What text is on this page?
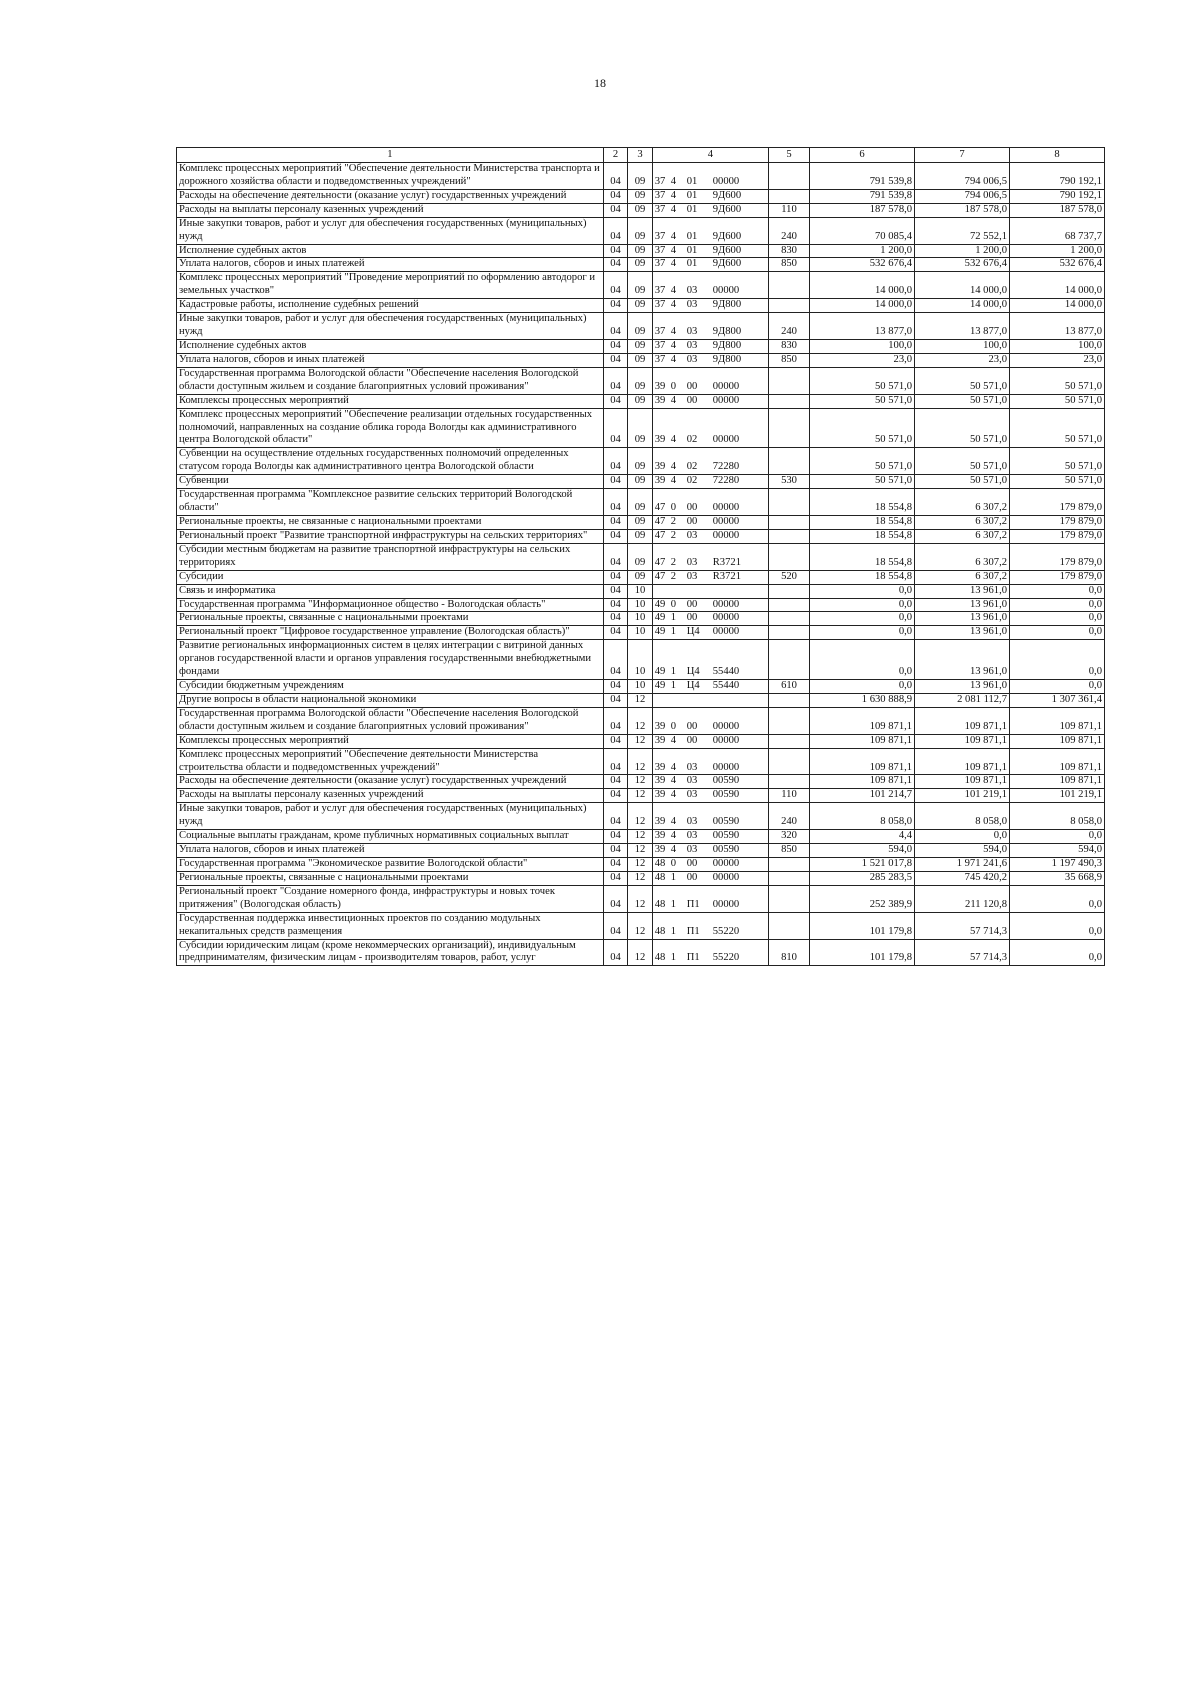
18
1	2	3	4	5	6	7	8
Комплекс процессных мероприятий "Обеспечение деятельности Министерства транспорта и дорожного хозяйства области и подведомственных учреждений"	04	09	37 4 01 00000		791 539,8	794 006,5	790 192,1
Расходы на обеспечение деятельности (оказание услуг) государственных учреждений	04	09	37 4 01 9Д600		791 539,8	794 006,5	790 192,1
Расходы на выплаты персоналу казенных учреждений	04	09	37 4 01 9Д600	110	187 578,0	187 578,0	187 578,0
Иные закупки товаров, работ и услуг для обеспечения государственных (муниципальных) нужд	04	09	37 4 01 9Д600	240	70 085,4	72 552,1	68 737,7
Исполнение судебных актов	04	09	37 4 01 9Д600	830	1 200,0	1 200,0	1 200,0
Уплата налогов, сборов и иных платежей	04	09	37 4 01 9Д600	850	532 676,4	532 676,4	532 676,4
Комплекс процессных мероприятий "Проведение мероприятий по оформлению автодорог и земельных участков"	04	09	37 4 03 00000		14 000,0	14 000,0	14 000,0
Кадастровые работы, исполнение судебных решений	04	09	37 4 03 9Д800		14 000,0	14 000,0	14 000,0
Иные закупки товаров, работ и услуг для обеспечения государственных (муниципальных) нужд	04	09	37 4 03 9Д800	240	13 877,0	13 877,0	13 877,0
Исполнение судебных актов	04	09	37 4 03 9Д800	830	100,0	100,0	100,0
Уплата налогов, сборов и иных платежей	04	09	37 4 03 9Д800	850	23,0	23,0	23,0
Государственная программа Вологодской области "Обеспечение населения Вологодской области доступным жильем и создание благоприятных условий проживания"	04	09	39 0 00 00000		50 571,0	50 571,0	50 571,0
Комплексы процессных мероприятий	04	09	39 4 00 00000		50 571,0	50 571,0	50 571,0
Комплекс процессных мероприятий "Обеспечение реализации отдельных государственных полномочий, направленных на создание облика города Вологды как административного центра Вологодской области"	04	09	39 4 02 00000		50 571,0	50 571,0	50 571,0
Субвенции на осуществление отдельных государственных полномочий определенных статусом города Вологды как административного центра Вологодской области	04	09	39 4 02 72280		50 571,0	50 571,0	50 571,0
Субвенции	04	09	39 4 02 72280	530	50 571,0	50 571,0	50 571,0
Государственная программа "Комплексное развитие сельских территорий Вологодской области"	04	09	47 0 00 00000		18 554,8	6 307,2	179 879,0
Региональные проекты, не связанные с национальными проектами	04	09	47 2 00 00000		18 554,8	6 307,2	179 879,0
Региональный проект "Развитие транспортной инфраструктуры на сельских территориях"	04	09	47 2 03 00000		18 554,8	6 307,2	179 879,0
Субсидии местным бюджетам на развитие транспортной инфраструктуры на сельских территориях	04	09	47 2 03 R3721		18 554,8	6 307,2	179 879,0
Субсидии	04	09	47 2 03 R3721	520	18 554,8	6 307,2	179 879,0
Связь и информатика	04	10			0,0	13 961,0	0,0
Государственная программа "Информационное общество - Вологодская область"	04	10	49 0 00 00000		0,0	13 961,0	0,0
Региональные проекты, связанные с национальными проектами	04	10	49 1 00 00000		0,0	13 961,0	0,0
Региональный проект "Цифровое государственное управление (Вологодская область)"	04	10	49 1 Ц4 00000		0,0	13 961,0	0,0
Развитие региональных информационных систем в целях интеграции с витриной данных органов государственной власти и органов управления государственными внебюджетными фондами	04	10	49 1 Ц4 55440		0,0	13 961,0	0,0
Субсидии бюджетным учреждениям	04	10	49 1 Ц4 55440	610	0,0	13 961,0	0,0
Другие вопросы в области национальной экономики	04	12			1 630 888,9	2 081 112,7	1 307 361,4
Государственная программа Вологодской области "Обеспечение населения Вологодской области доступным жильем и создание благоприятных условий проживания"	04	12	39 0 00 00000		109 871,1	109 871,1	109 871,1
Комплексы процессных мероприятий	04	12	39 4 00 00000		109 871,1	109 871,1	109 871,1
Комплекс процессных мероприятий "Обеспечение деятельности Министерства строительства области и подведомственных учреждений"	04	12	39 4 03 00000		109 871,1	109 871,1	109 871,1
Расходы на обеспечение деятельности (оказание услуг) государственных учреждений	04	12	39 4 03 00590		109 871,1	109 871,1	109 871,1
Расходы на выплаты персоналу казенных учреждений	04	12	39 4 03 00590	110	101 214,7	101 219,1	101 219,1
Иные закупки товаров, работ и услуг для обеспечения государственных (муниципальных) нужд	04	12	39 4 03 00590	240	8 058,0	8 058,0	8 058,0
Социальные выплаты гражданам, кроме публичных нормативных социальных выплат	04	12	39 4 03 00590	320	4,4	0,0	0,0
Уплата налогов, сборов и иных платежей	04	12	39 4 03 00590	850	594,0	594,0	594,0
Государственная программа "Экономическое развитие Вологодской области"	04	12	48 0 00 00000		1 521 017,8	1 971 241,6	1 197 490,3
Региональные проекты, связанные с национальными проектами	04	12	48 1 00 00000		285 283,5	745 420,2	35 668,9
Региональный проект "Создание номерного фонда, инфраструктуры и новых точек притяжения" (Вологодская область)	04	12	48 1 П1 00000		252 389,9	211 120,8	0,0
Государственная поддержка инвестиционных проектов по созданию модульных некапитальных средств размещения	04	12	48 1 П1 55220		101 179,8	57 714,3	0,0
Субсидии юридическим лицам (кроме некоммерческих организаций), индивидуальным предпринимателям, физическим лицам - производителям товаров, работ, услуг	04	12	48 1 П1 55220	810	101 179,8	57 714,3	0,0
